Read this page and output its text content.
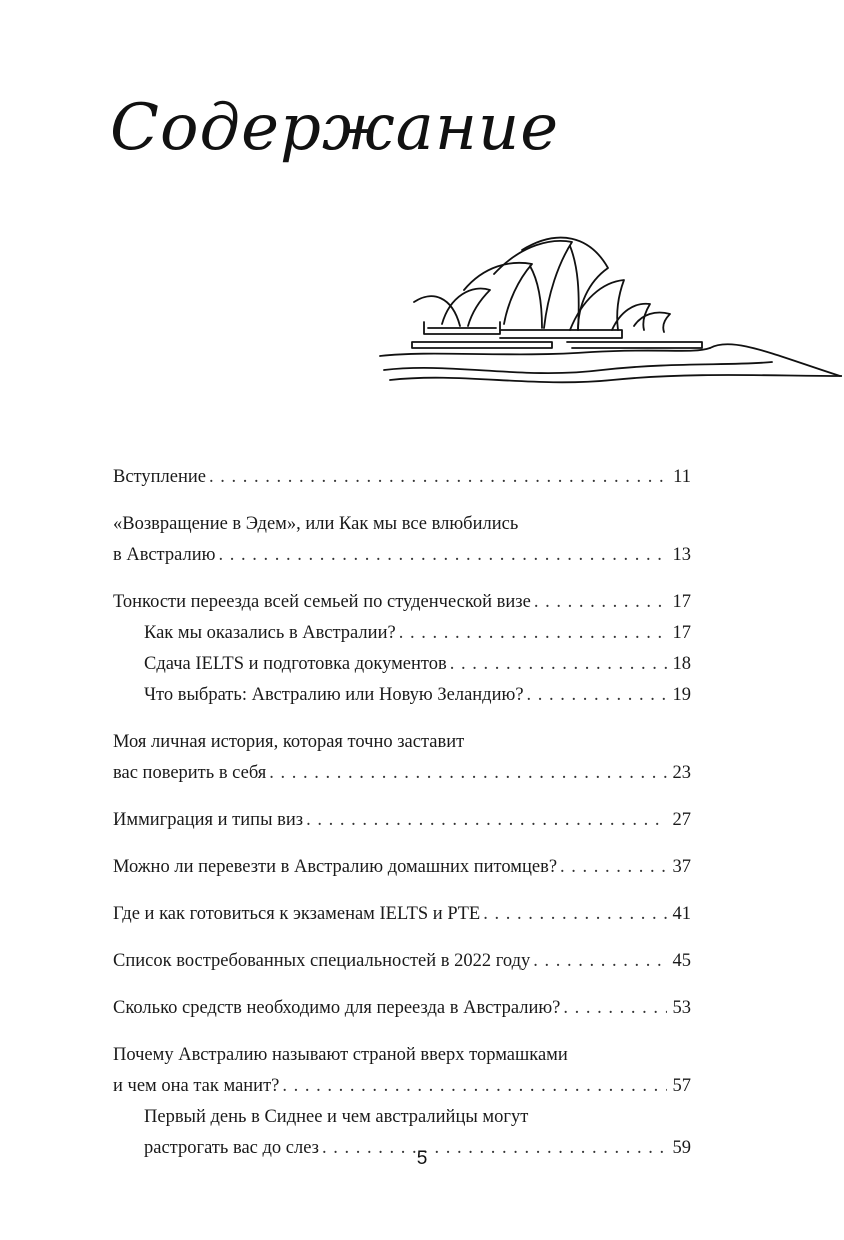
Содержание
Вступление . . .	11
«Возвращение в Эдем», или Как мы все влюбились
в Австралию . . .	13
Тонкости переезда всей семьей по студенческой визе . . .	17
Как мы оказались в Австралии? . . .	17
Сдача IELTS и подготовка документов . . .	18
Что выбрать: Австралию или Новую Зеландию? . . .	19
Моя личная история, которая точно заставит
вас поверить в себя . . .	23
Иммиграция и типы виз . . .	27
Можно ли перевезти в Австралию домашних питомцев? . . .	37
Где и как готовиться к экзаменам IELTS и PTE . . .	41
Список востребованных специальностей в 2022 году . . .	45
Сколько средств необходимо для переезда в Австралию? . . .	53
Почему Австралию называют страной вверх тормашками
и чем она так манит? . . .	57
Первый день в Сиднее и чем австралийцы могут
растрогать вас до слез . . .	59
5
